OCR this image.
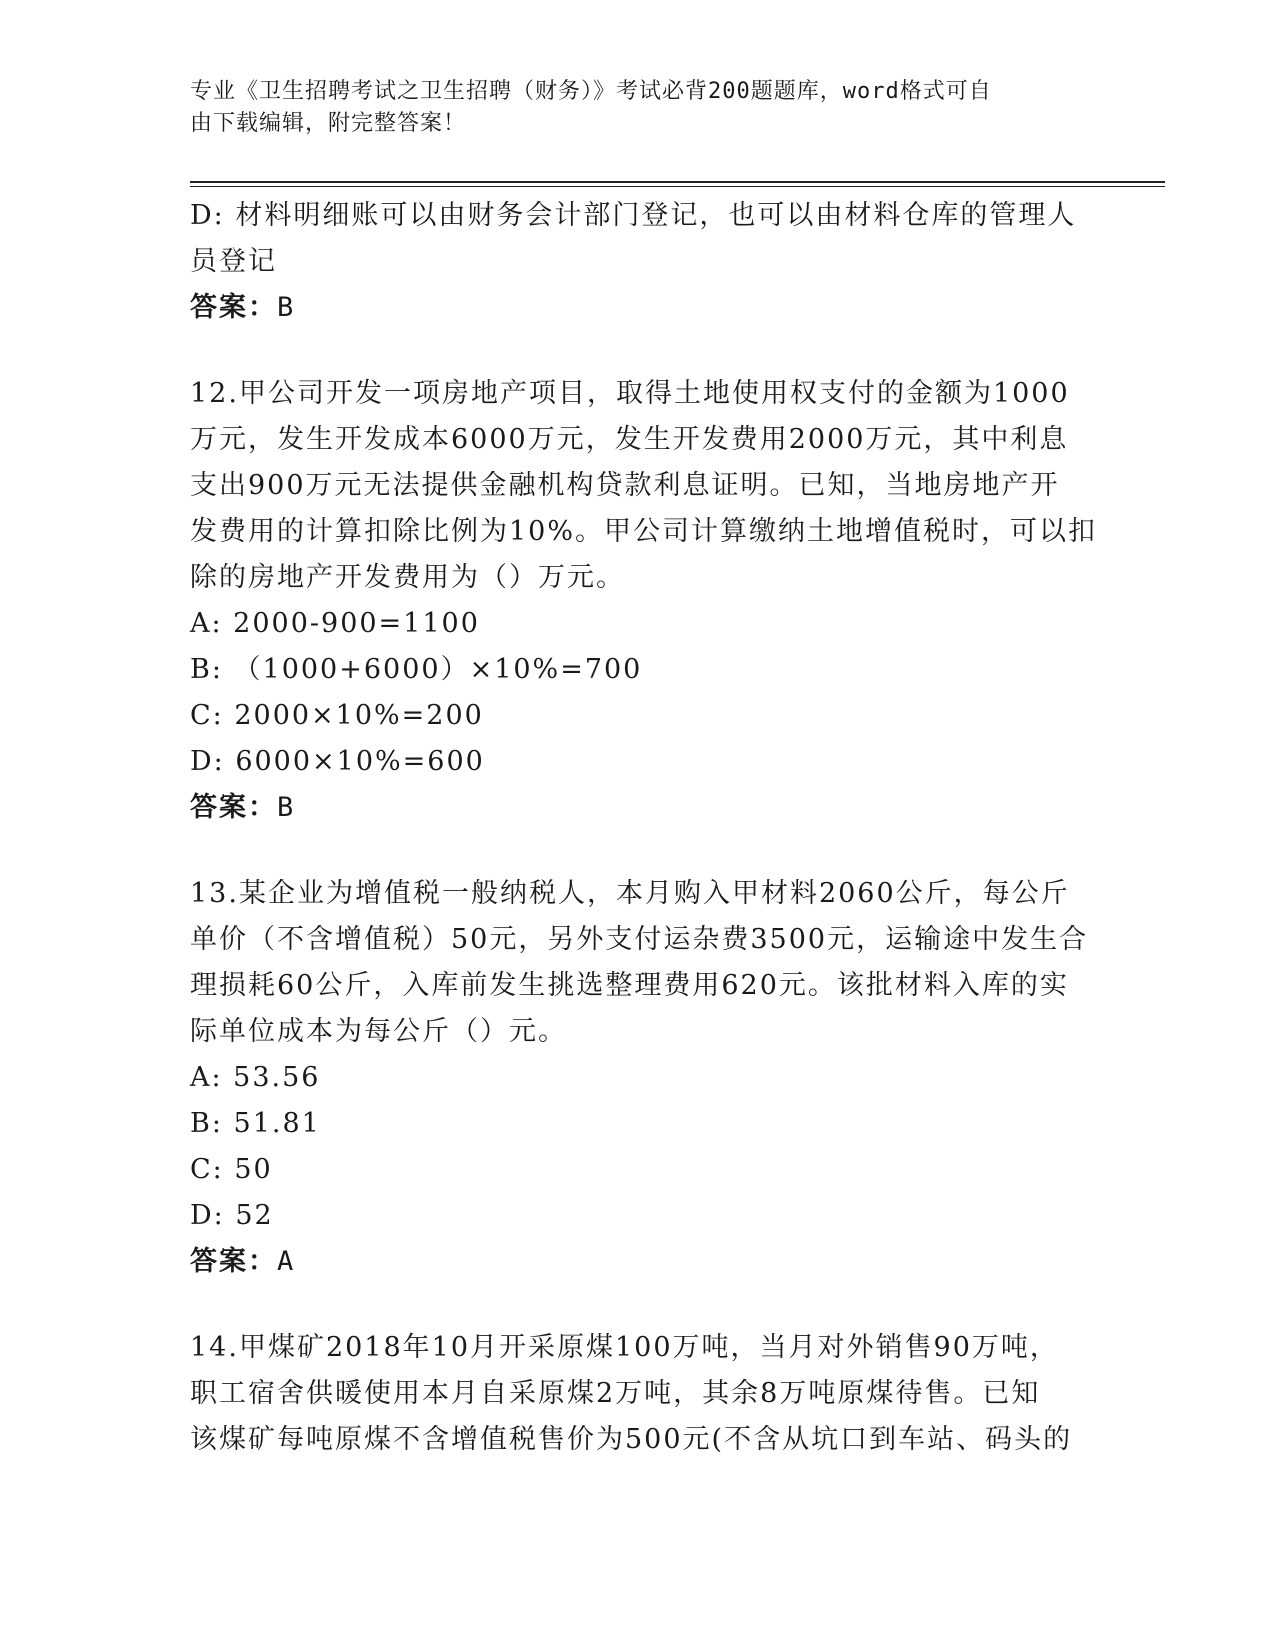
专业《卫生招聘考试之卫生招聘（财务）》考试必背200题题库，word格式可自
由下载编辑，附完整答案！
D: 材料明细账可以由财务会计部门登记，也可以由材料仓库的管理人
员登记
答案：B
12.甲公司开发一项房地产项目，取得土地使用权支付的金额为1000
万元，发生开发成本6000万元，发生开发费用2000万元，其中利息
支出900万元无法提供金融机构贷款利息证明。已知，当地房地产开
发费用的计算扣除比例为10%。甲公司计算缴纳土地增值税时，可以扣
除的房地产开发费用为（）万元。
A: 2000-900=1100
B: （1000+6000）×10%=700
C: 2000×10%=200
D: 6000×10%=600
答案：B
13.某企业为增值税一般纳税人，本月购入甲材料2060公斤，每公斤
单价（不含增值税）50元，另外支付运杂费3500元，运输途中发生合
理损耗60公斤，入库前发生挑选整理费用620元。该批材料入库的实
际单位成本为每公斤（）元。
A: 53.56
B: 51.81
C: 50
D: 52
答案：A
14.甲煤矿2018年10月开采原煤100万吨，当月对外销售90万吨，
职工宿舍供暖使用本月自采原煤2万吨，其余8万吨原煤待售。已知
该煤矿每吨原煤不含增值税售价为500元(不含从坑口到车站、码头的
